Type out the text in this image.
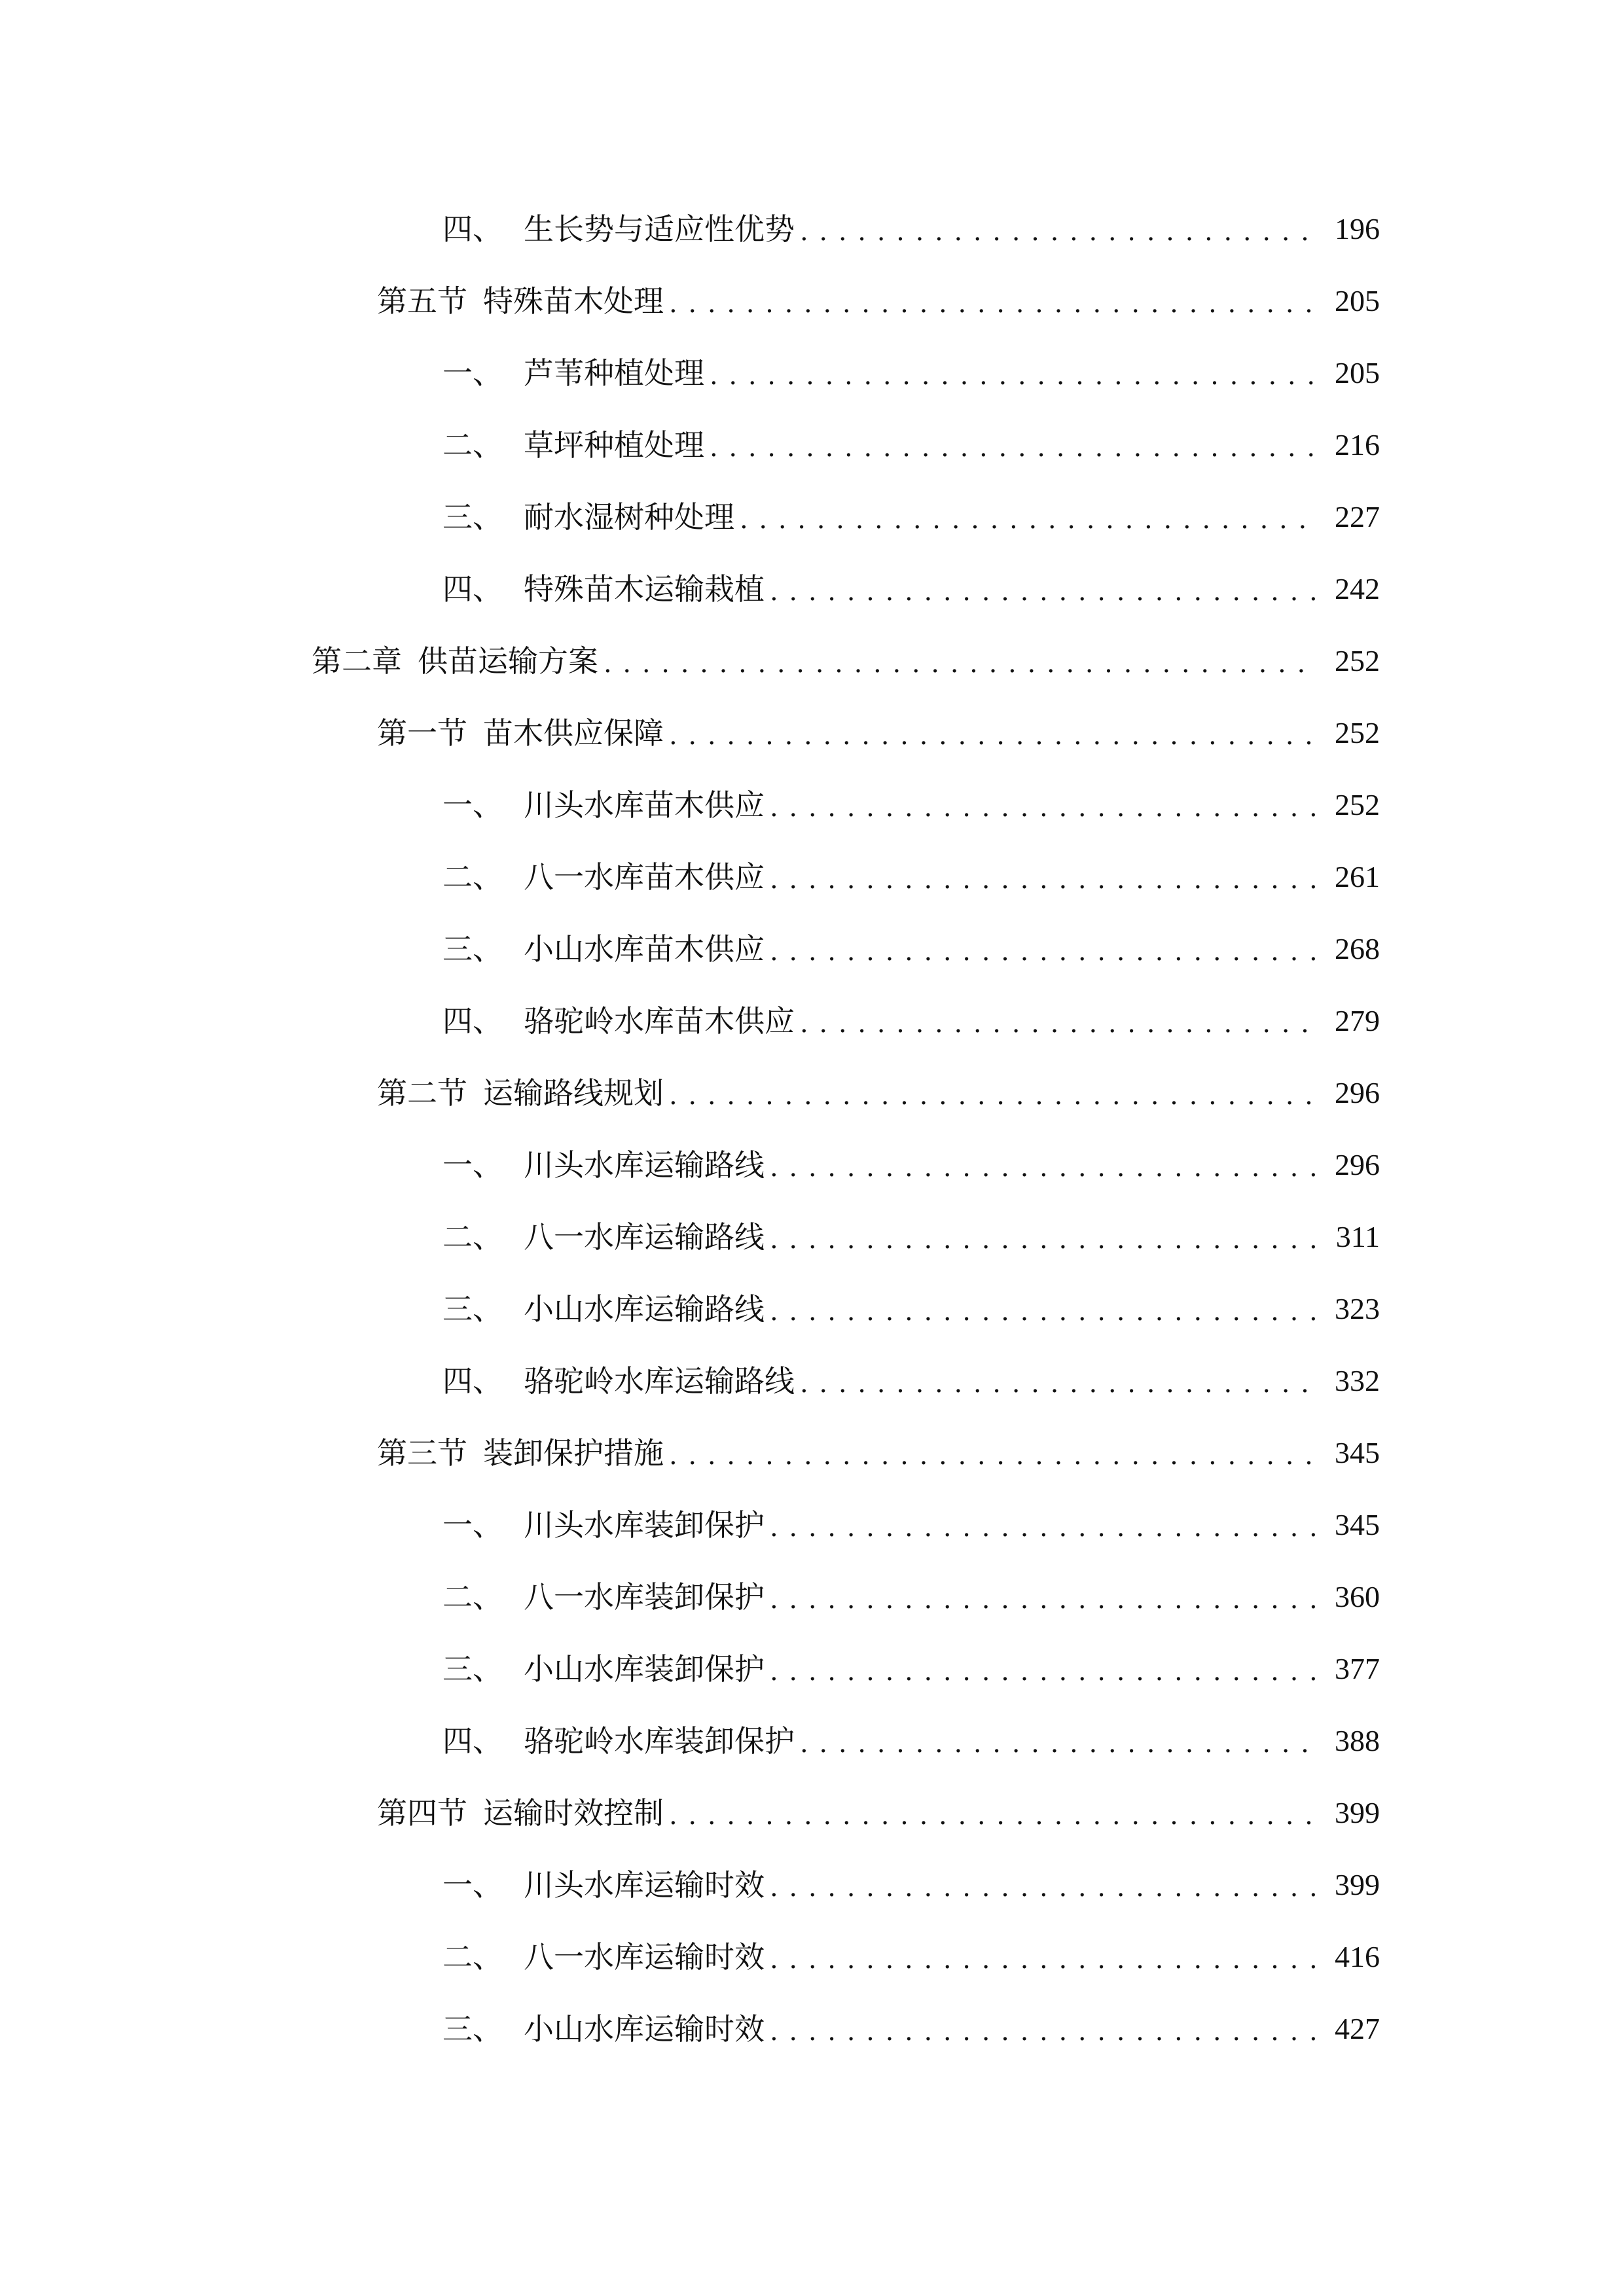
四、 生长势与适应性优势 . . .	196
第五节 特殊苗木处理 . . .	205
一、 芦苇种植处理 . . .	205
二、 草坪种植处理 . . .	216
三、 耐水湿树种处理 . . .	227
四、 特殊苗木运输栽植 . . .	242
第二章 供苗运输方案 . . .	252
第一节 苗木供应保障 . . .	252
一、 川头水库苗木供应 . . .	252
二、 八一水库苗木供应 . . .	261
三、 小山水库苗木供应 . . .	268
四、 骆驼岭水库苗木供应 . . .	279
第二节 运输路线规划 . . .	296
一、 川头水库运输路线 . . .	296
二、 八一水库运输路线 . . .	311
三、 小山水库运输路线 . . .	323
四、 骆驼岭水库运输路线 . . .	332
第三节 装卸保护措施 . . .	345
一、 川头水库装卸保护 . . .	345
二、 八一水库装卸保护 . . .	360
三、 小山水库装卸保护 . . .	377
四、 骆驼岭水库装卸保护 . . .	388
第四节 运输时效控制 . . .	399
一、 川头水库运输时效 . . .	399
二、 八一水库运输时效 . . .	416
三、 小山水库运输时效 . . .	427
